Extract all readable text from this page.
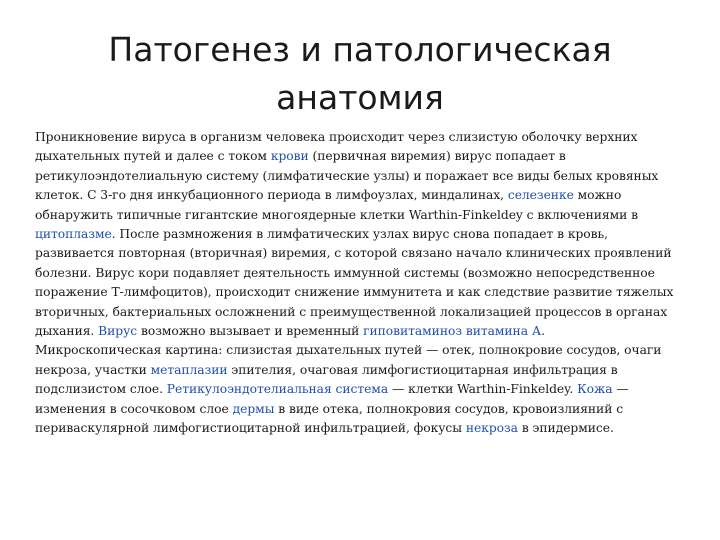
Патогенез и патологическая
анатомия

Проникновение вируса в организм человека происходит через слизистую оболочку верхних дыхательных путей и далее с током крови (первичная виремия) вирус попадает в ретикулоэндотелиальную систему (лимфатические узлы) и поражает все виды белых кровяных клеток. С 3-го дня инкубационного периода в лимфоузлах, миндалинах, селезенке можно обнаружить типичные гигантские многоядерные клетки Warthin-Finkeldey с включениями в цитоплазме. После размножения в лимфатических узлах вирус снова попадает в кровь, развивается повторная (вторичная) виремия, с которой связано начало клинических проявлений болезни. Вирус кори подавляет деятельность иммунной системы (возможно непосредственное поражение Т-лимфоцитов), происходит снижение иммунитета и как следствие развитие тяжелых вторичных, бактериальных осложнений с преимущественной локализацией процессов в органах дыхания. Вирус возможно вызывает и временный гиповитаминоз витамина А.

Микроскопическая картина: слизистая дыхательных путей — отек, полнокровие сосудов, очаги некроза, участки метаплазии эпителия, очаговая лимфогистиоцитарная инфильтрация в подслизистом слое. Ретикулоэндотелиальная система — клетки Warthin-Finkeldey. Кожа — изменения в сосочковом слое дермы в виде отека, полнокровия сосудов, кровоизлияний с периваскулярной лимфогистиоцитарной инфильтрацией, фокусы некроза в эпидермисе.
